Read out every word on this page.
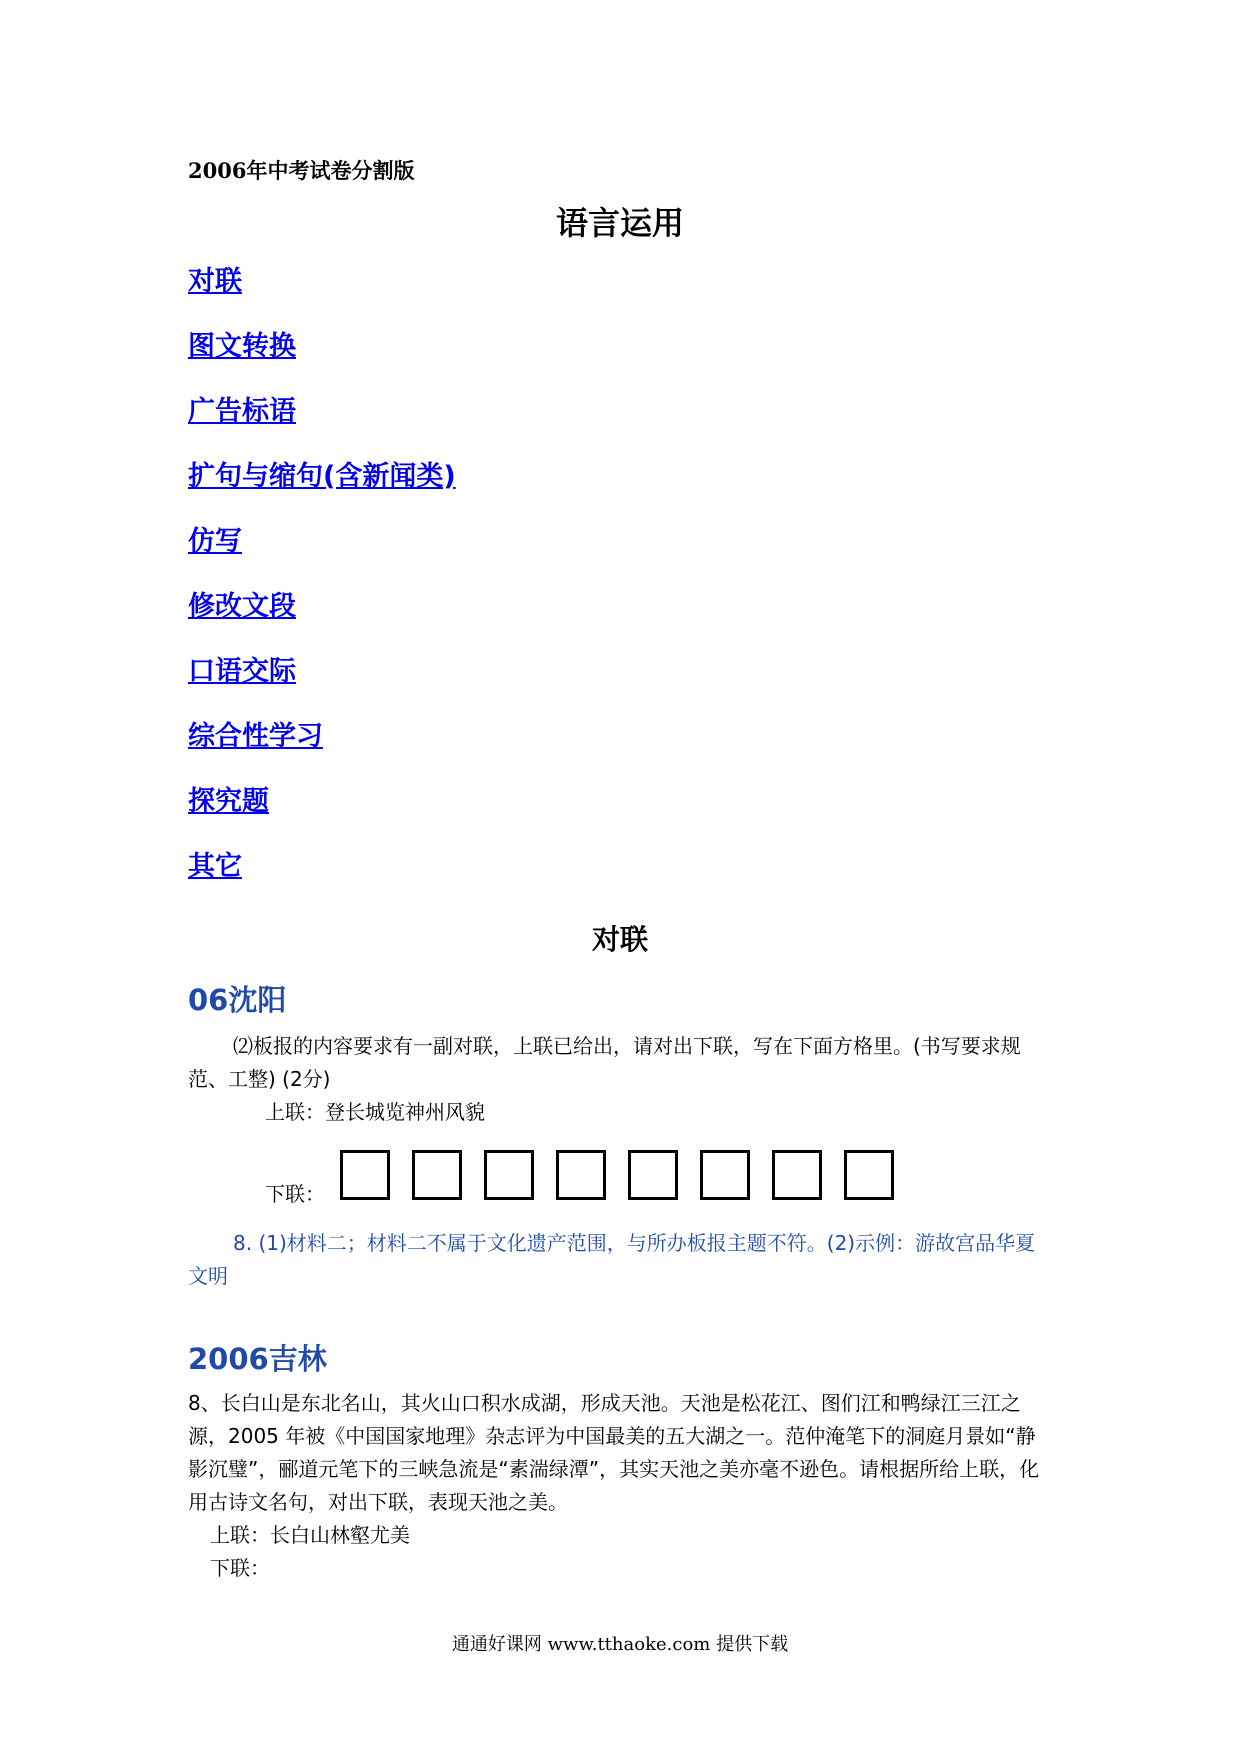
2006年中考试卷分割版
语言运用
对联
图文转换
广告标语
扩句与缩句(含新闻类)
仿写
修改文段
口语交际
综合性学习
探究题
其它
对联
06沈阳
⑵板报的内容要求有一副对联，上联已给出，请对出下联，写在下面方格里。(书写要求规范、工整) (2分)
上联：登长城览神州风貌
下联：
8. (1)材料二；材料二不属于文化遗产范围，与所办板报主题不符。(2)示例：游故宫品华夏文明
2006吉林
8、长白山是东北名山，其火山口积水成湖，形成天池。天池是松花江、图们江和鸭绿江三江之源，2005 年被《中国国家地理》杂志评为中国最美的五大湖之一。范仲淹笔下的洞庭月景如“静影沉璧”，郦道元笔下的三峡急流是“素湍绿潭”，其实天池之美亦毫不逊色。请根据所给上联，化用古诗文名句，对出下联，表现天池之美。
上联：长白山林壑尤美
下联：
通通好课网 www.tthaoke.com 提供下载
